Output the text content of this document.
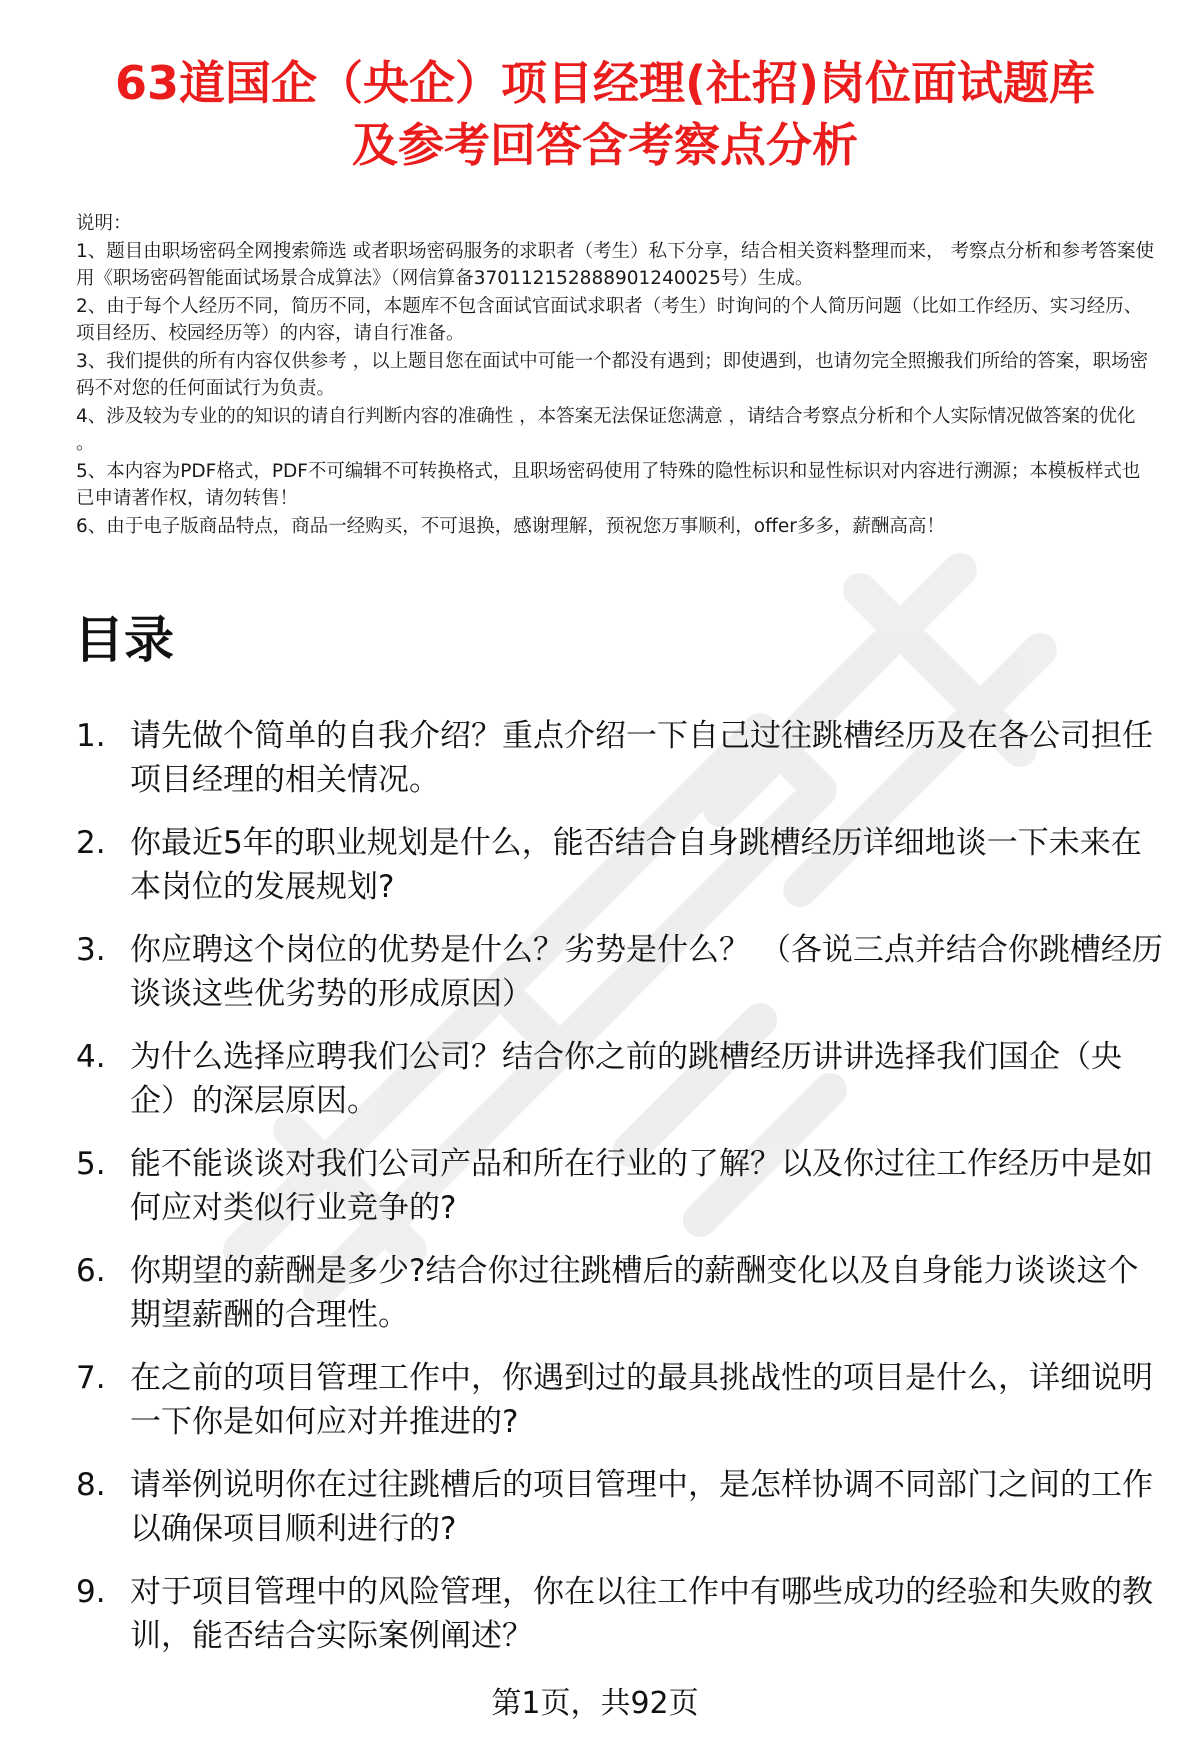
63道国企（央企）项目经理(社招)岗位面试题库
及参考回答含考察点分析

说明：

1、题目由职场密码全网搜索筛选 或者职场密码服务的求职者（考生）私下分享，结合相关资料整理而来， 考察点分析和参考答案使用《职场密码智能面试场景合成算法》（网信算备370112152888901240025号）生成。

2、由于每个人经历不同，简历不同，本题库不包含面试官面试求职者（考生）时询问的个人简历问题（比如工作经历、实习经历、项目经历、校园经历等）的内容，请自行准备。

3、我们提供的所有内容仅供参考 ，以上题目您在面试中可能一个都没有遇到；即使遇到，也请勿完全照搬我们所给的答案，职场密码不对您的任何面试行为负责。

4、涉及较为专业的的知识的请自行判断内容的准确性 ，本答案无法保证您满意 ，请结合考察点分析和个人实际情况做答案的优化 。

5、本内容为PDF格式，PDF不可编辑不可转换格式，且职场密码使用了特殊的隐性标识和显性标识对内容进行溯源；本模板样式也已申请著作权，请勿转售！

6、由于电子版商品特点，商品一经购买，不可退换，感谢理解，预祝您万事顺利，offer多多，薪酬高高！

目录
1. 请先做个简单的自我介绍？重点介绍一下自己过往跳槽经历及在各公司担任项目经理的相关情况。
2. 你最近5年的职业规划是什么，能否结合自身跳槽经历详细地谈一下未来在本岗位的发展规划?
3. 你应聘这个岗位的优势是什么？劣势是什么？ （各说三点并结合你跳槽经历谈谈这些优劣势的形成原因）
4. 为什么选择应聘我们公司？结合你之前的跳槽经历讲讲选择我们国企（央企）的深层原因。
5. 能不能谈谈对我们公司产品和所在行业的了解？以及你过往工作经历中是如何应对类似行业竞争的?
6. 你期望的薪酬是多少?结合你过往跳槽后的薪酬变化以及自身能力谈谈这个期望薪酬的合理性。
7. 在之前的项目管理工作中，你遇到过的最具挑战性的项目是什么，详细说明一下你是如何应对并推进的?
8. 请举例说明你在过往跳槽后的项目管理中，是怎样协调不同部门之间的工作以确保项目顺利进行的?
9. 对于项目管理中的风险管理，你在以往工作中有哪些成功的经验和失败的教训，能否结合实际案例阐述？
第1页，共92页
